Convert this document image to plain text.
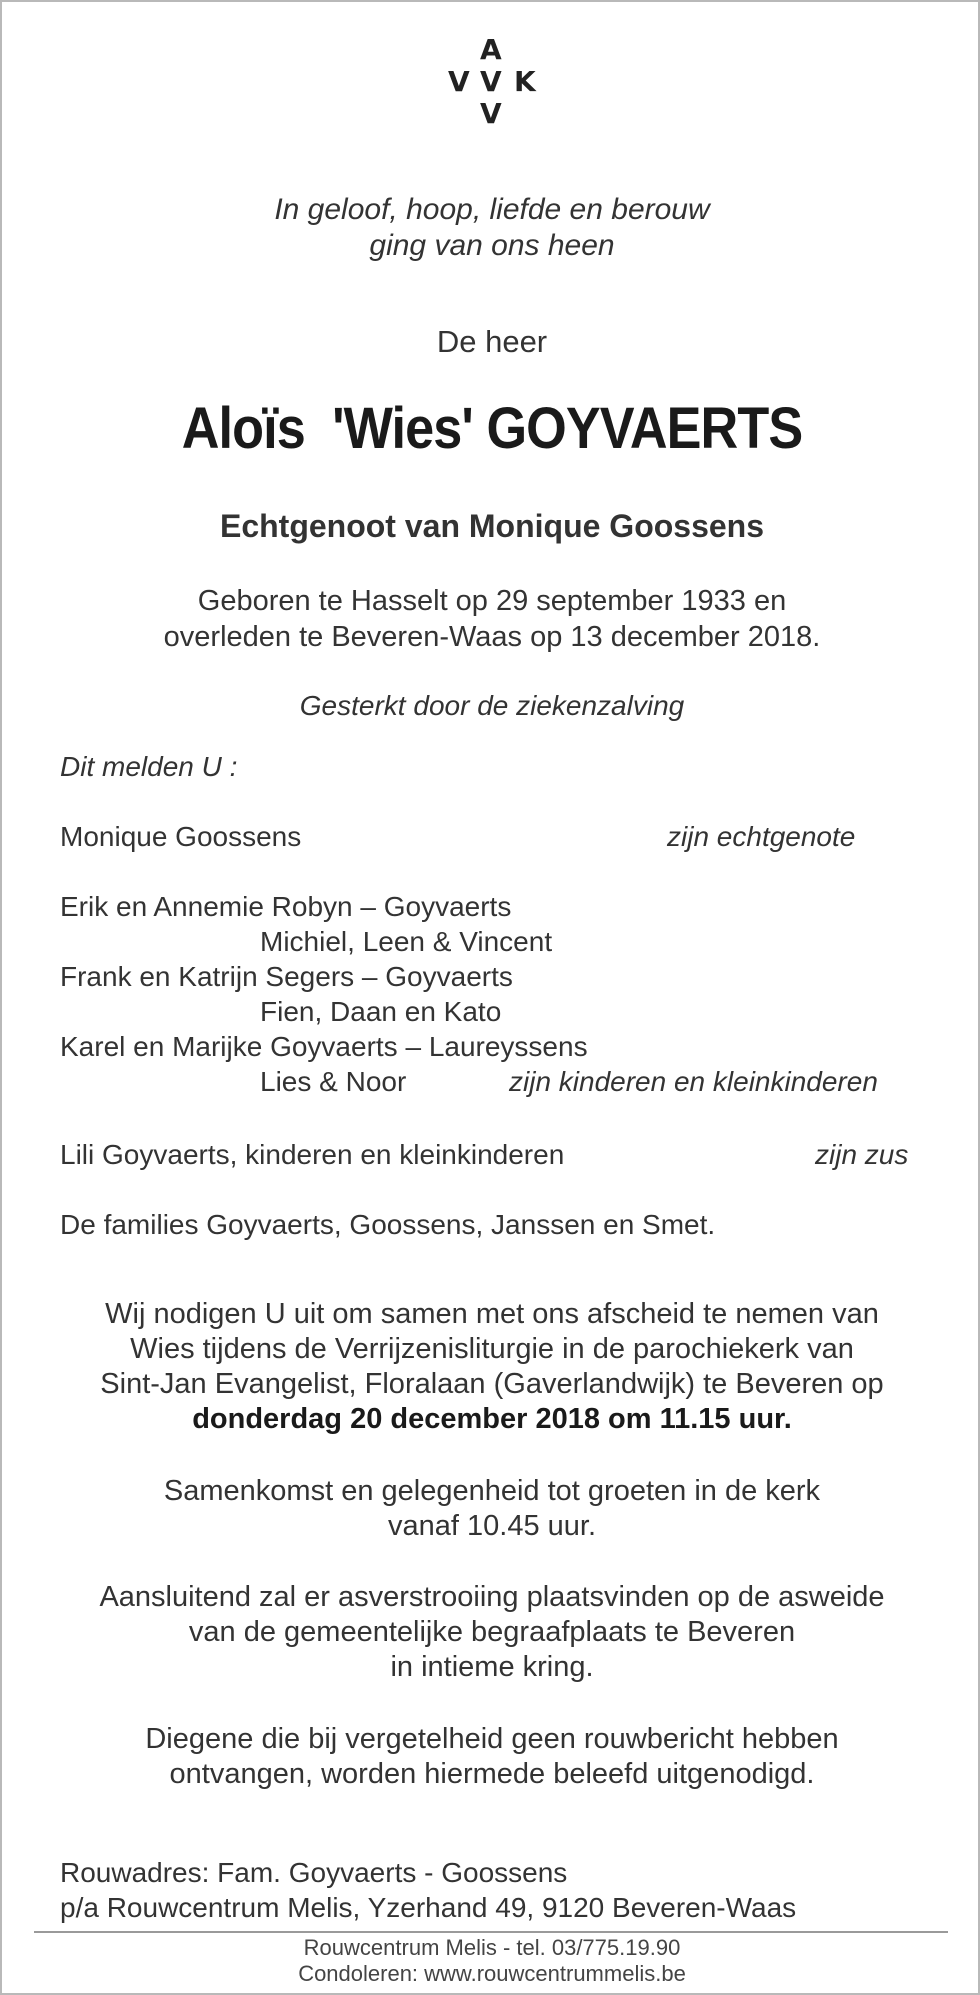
A
V V K
V
In geloof, hoop, liefde en berouw
ging van ons heen
De heer
Aloïs  'Wies' GOYVAERTS
Echtgenoot van Monique Goossens
Geboren te Hasselt op 29 september 1933 en
overleden te Beveren-Waas op 13 december 2018.
Gesterkt door de ziekenzalving
Dit melden U :
Monique Goossens	zijn echtgenote
Erik en Annemie Robyn – Goyvaerts
Michiel, Leen & Vincent
Frank en Katrijn Segers – Goyvaerts
Fien, Daan en Kato
Karel en Marijke Goyvaerts – Laureyssens
Lies & Noor	zijn kinderen en kleinkinderen
Lili Goyvaerts, kinderen en kleinkinderen	zijn zus
De families Goyvaerts, Goossens, Janssen en Smet.
Wij nodigen U uit om samen met ons afscheid te nemen van
Wies tijdens de Verrijzenisliturgie in de parochiekerk van
Sint-Jan Evangelist, Floralaan (Gaverlandwijk) te Beveren op
donderdag 20 december 2018 om 11.15 uur.
Samenkomst en gelegenheid tot groeten in de kerk
vanaf 10.45 uur.
Aansluitend zal er asverstrooiing plaatsvinden op de asweide
van de gemeentelijke begraafplaats te Beveren
in intieme kring.
Diegene die bij vergetelheid geen rouwbericht hebben
ontvangen, worden hiermede beleefd uitgenodigd.
Rouwadres: Fam. Goyvaerts - Goossens
p/a Rouwcentrum Melis, Yzerhand 49, 9120 Beveren-Waas
Rouwcentrum Melis - tel. 03/775.19.90
Condoleren: www.rouwcentrummelis.be
